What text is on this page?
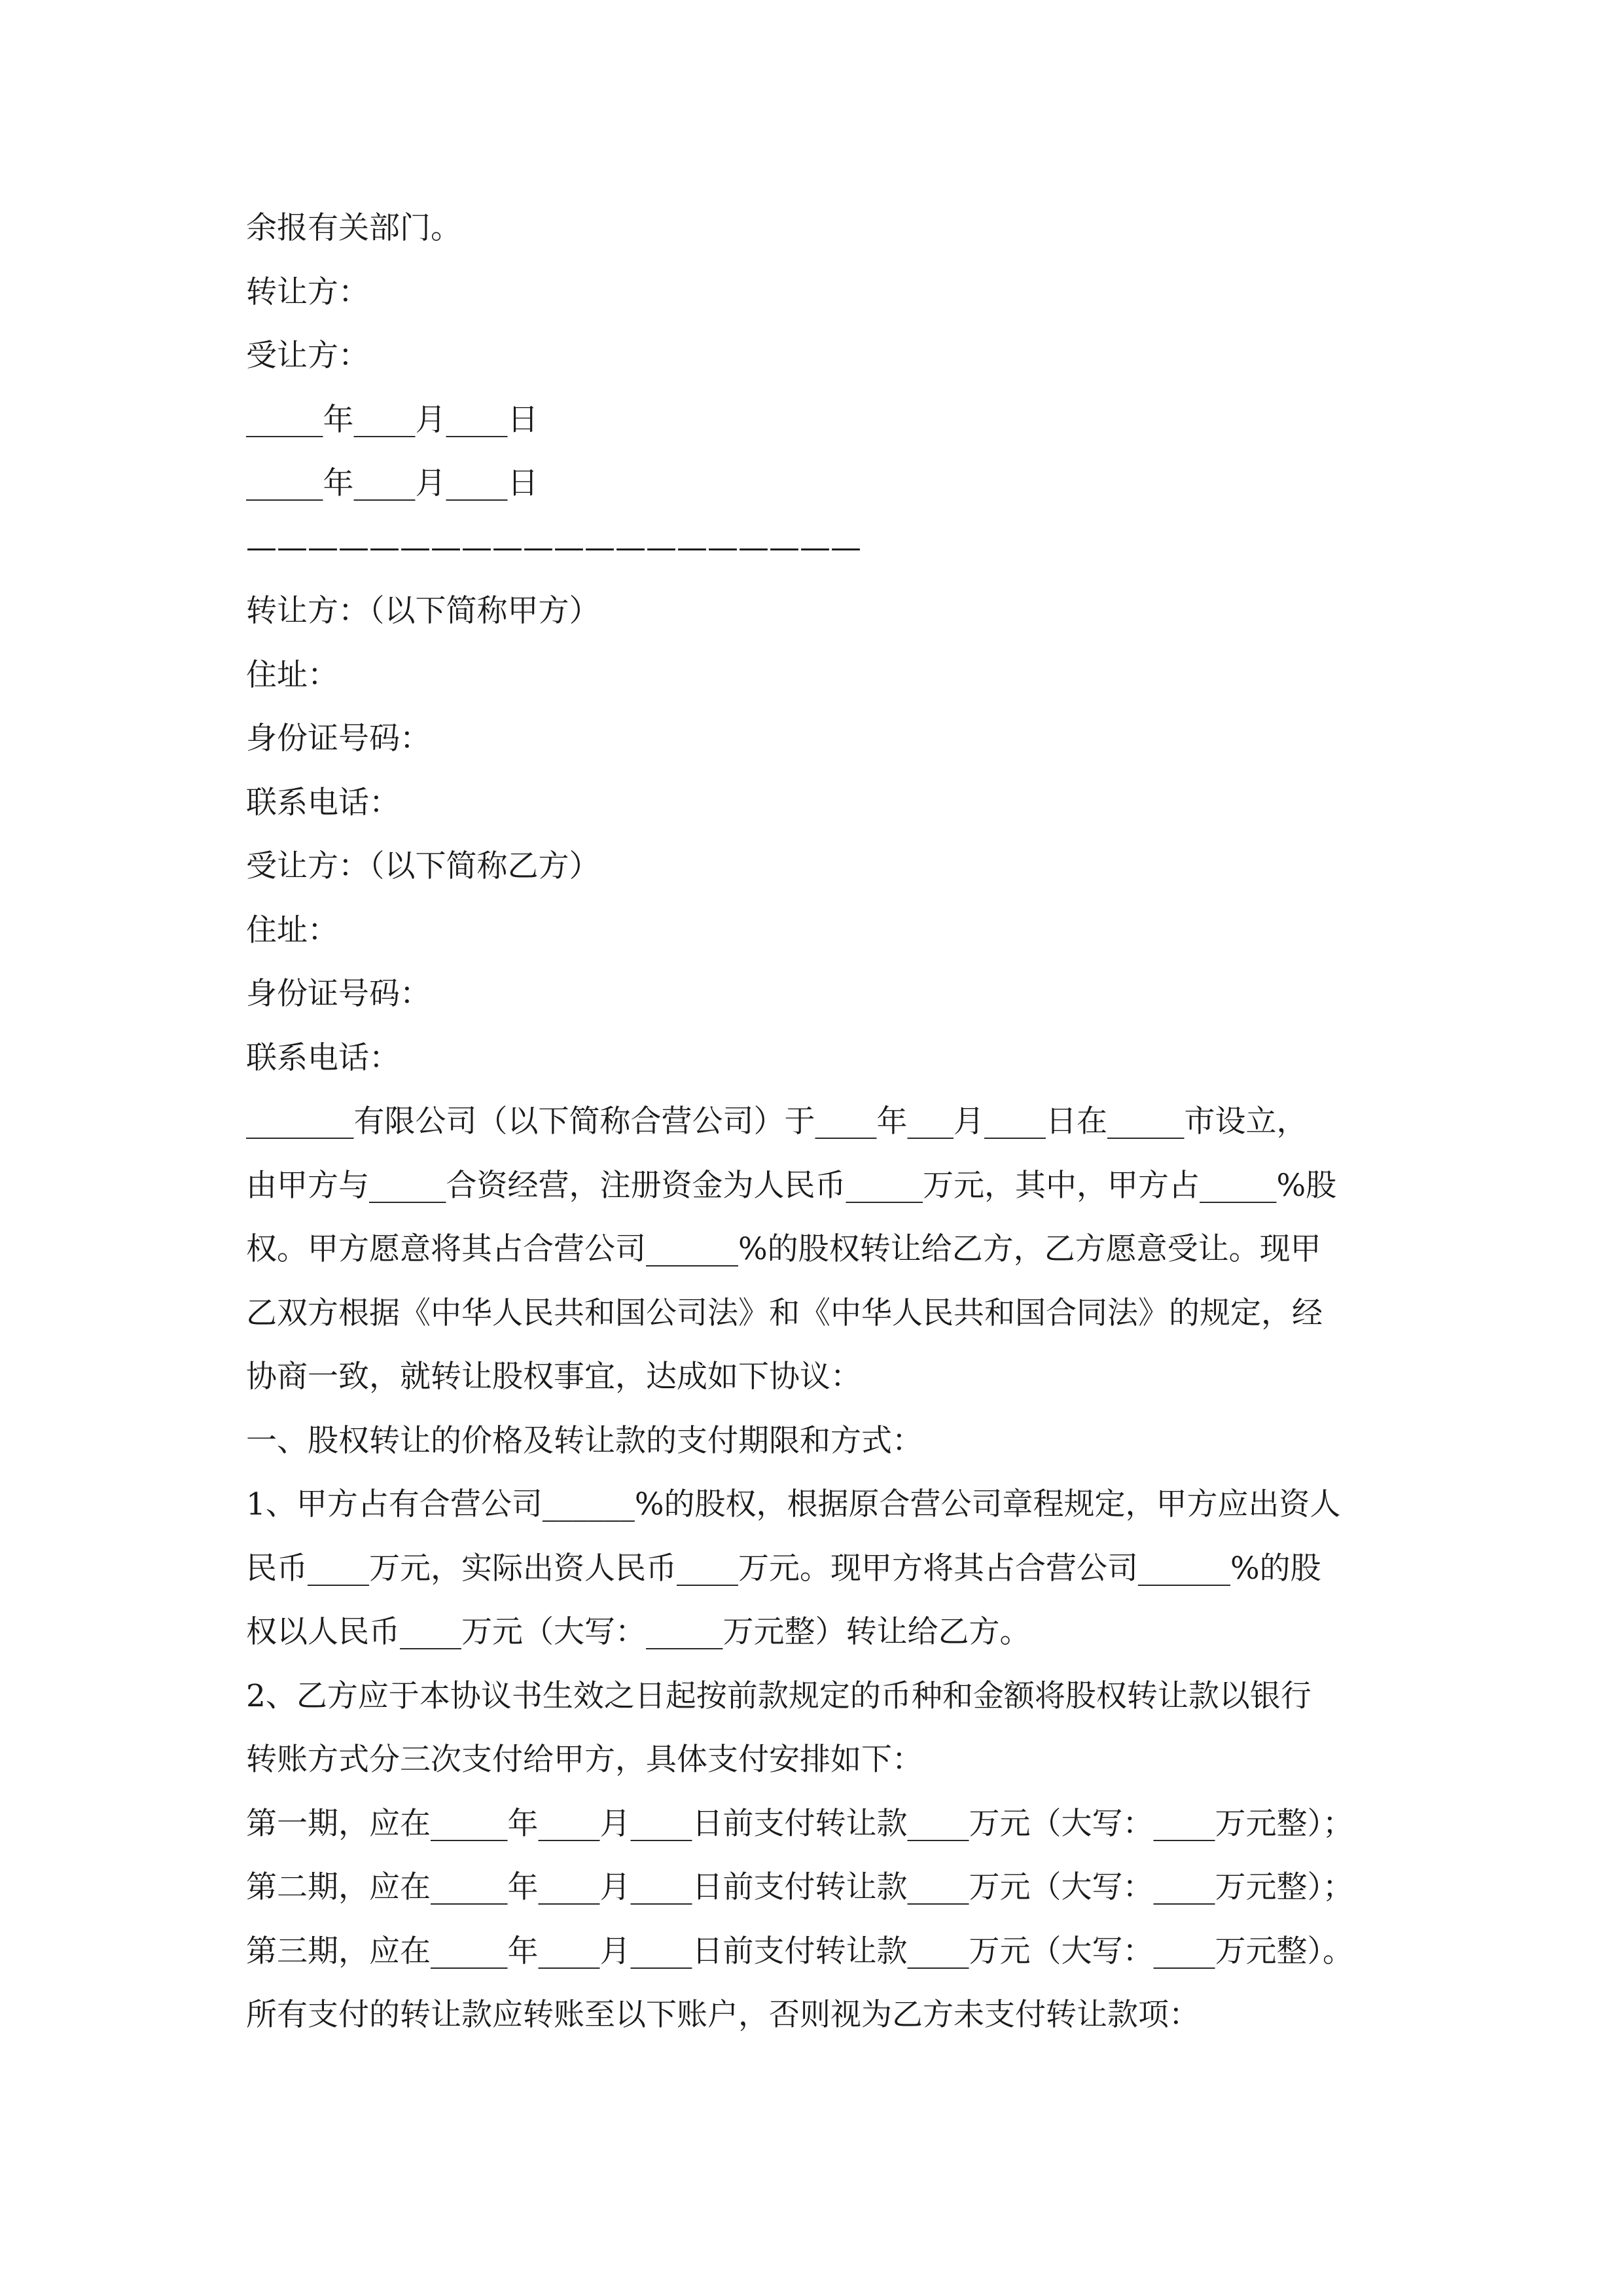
余报有关部门。
转让方：
受让方：
_____年____月____日
_____年____月____日
————————————————————
转让方：（以下简称甲方）
住址：
身份证号码：
联系电话：
受让方：（以下简称乙方）
住址：
身份证号码：
联系电话：
_______有限公司（以下简称合营公司）于____年___月____日在_____市设立，
由甲方与_____合资经营，注册资金为人民币_____万元，其中，甲方占_____%股
权。甲方愿意将其占合营公司______%的股权转让给乙方，乙方愿意受让。现甲
乙双方根据《中华人民共和国公司法》和《中华人民共和国合同法》的规定，经
协商一致，就转让股权事宜，达成如下协议：
一、股权转让的价格及转让款的支付期限和方式：
1、甲方占有合营公司______%的股权，根据原合营公司章程规定，甲方应出资人
民币____万元，实际出资人民币____万元。现甲方将其占合营公司______%的股
权以人民币____万元（大写：_____万元整）转让给乙方。
2、乙方应于本协议书生效之日起按前款规定的币种和金额将股权转让款以银行
转账方式分三次支付给甲方，具体支付安排如下：
第一期，应在_____年____月____日前支付转让款____万元（大写：____万元整）；
第二期，应在_____年____月____日前支付转让款____万元（大写：____万元整）；
第三期，应在_____年____月____日前支付转让款____万元（大写：____万元整）。
所有支付的转让款应转账至以下账户，否则视为乙方未支付转让款项：
